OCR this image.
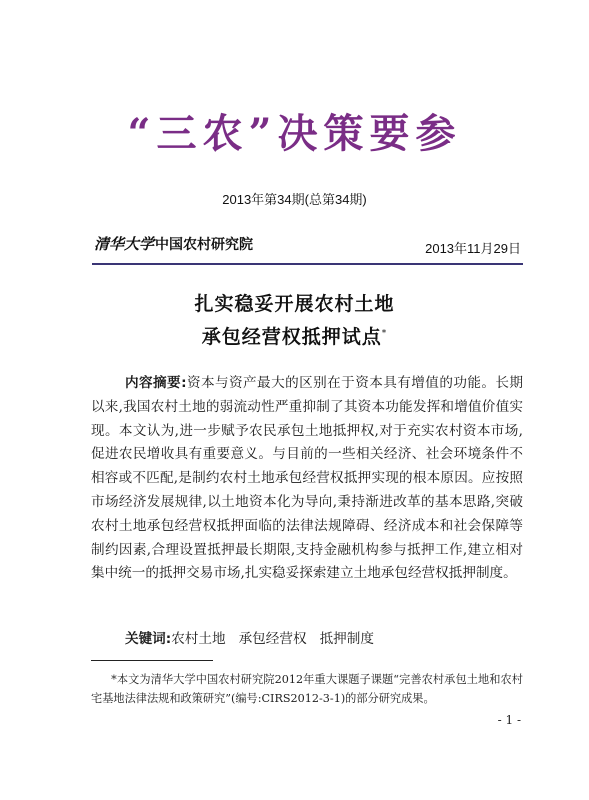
“三农”决策要参
2013年第34期(总第34期)
清华大学中国农村研究院	2013年11月29日
扎实稳妥开展农村土地
承包经营权抵押试点*

内容摘要:资本与资产最大的区别在于资本具有增值的功能。长期以来,我国农村土地的弱流动性严重抑制了其资本功能发挥和增值价值实现。本文认为,进一步赋予农民承包土地抵押权,对于充实农村资本市场,促进农民增收具有重要意义。与目前的一些相关经济、社会环境条件不相容或不匹配,是制约农村土地承包经营权抵押实现的根本原因。应按照市场经济发展规律,以土地资本化为导向,秉持渐进改革的基本思路,突破农村土地承包经营权抵押面临的法律法规障碍、经济成本和社会保障等制约因素,合理设置抵押最长期限,支持金融机构参与抵押工作,建立相对集中统一的抵押交易市场,扎实稳妥探索建立土地承包经营权抵押制度。

关键词:农村土地 承包经营权 抵押制度

*本文为清华大学中国农村研究院2012年重大课题子课题“完善农村承包土地和农村宅基地法律法规和政策研究”(编号:CIRS2012-3-1)的部分研究成果。

- 1 -
